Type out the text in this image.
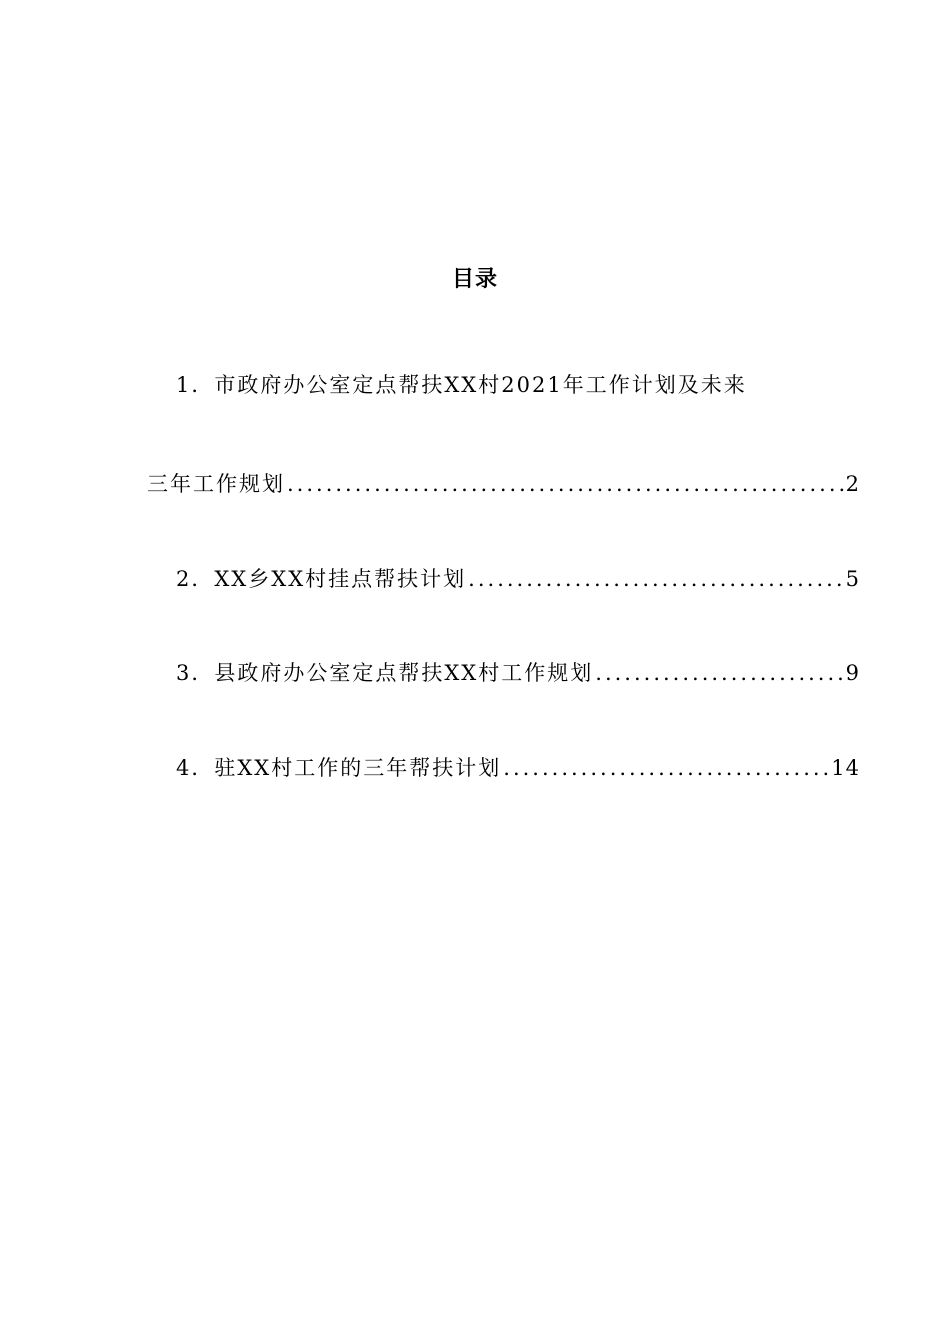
目录
1．市政府办公室定点帮扶XX村2021年工作计划及未来
三年工作规划 .....	2
2．XX乡XX村挂点帮扶计划 .....	5
3．县政府办公室定点帮扶XX村工作规划 .....	9
4．驻XX村工作的三年帮扶计划 .....	14
